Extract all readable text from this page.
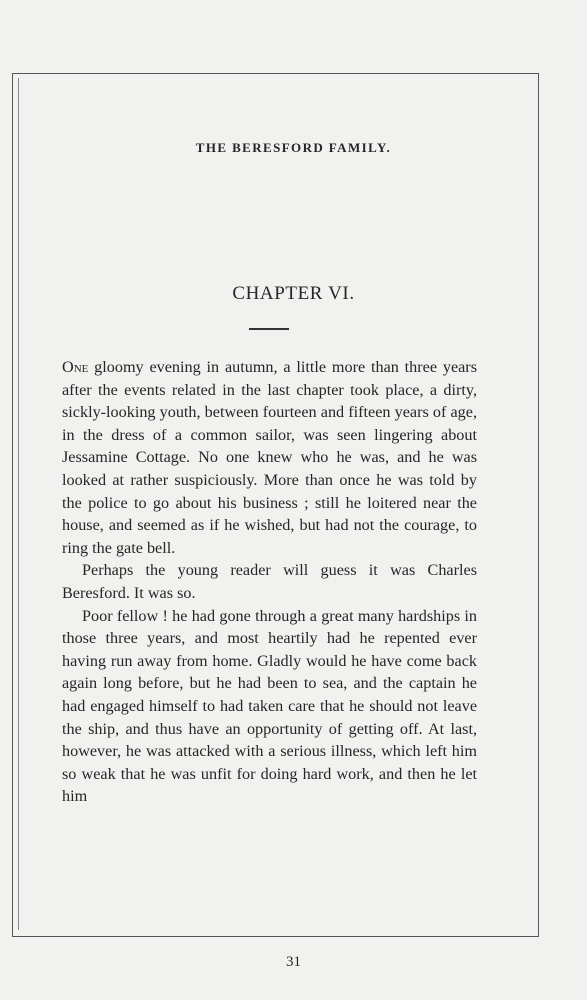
THE BERESFORD FAMILY.
CHAPTER VI.

One gloomy evening in autumn, a little more than three years after the events related in the last chapter took place, a dirty, sickly-looking youth, between fourteen and fifteen years of age, in the dress of a common sailor, was seen lingering about Jessamine Cottage. No one knew who he was, and he was looked at rather suspiciously. More than once he was told by the police to go about his business ; still he loitered near the house, and seemed as if he wished, but had not the courage, to ring the gate bell.

Perhaps the young reader will guess it was Charles Beresford. It was so.

Poor fellow ! he had gone through a great many hardships in those three years, and most heartily had he repented ever having run away from home. Gladly would he have come back again long before, but he had been to sea, and the captain he had engaged himself to had taken care that he should not leave the ship, and thus have an opportunity of getting off. At last, however, he was attacked with a serious illness, which left him so weak that he was unfit for doing hard work, and then he let him

31
